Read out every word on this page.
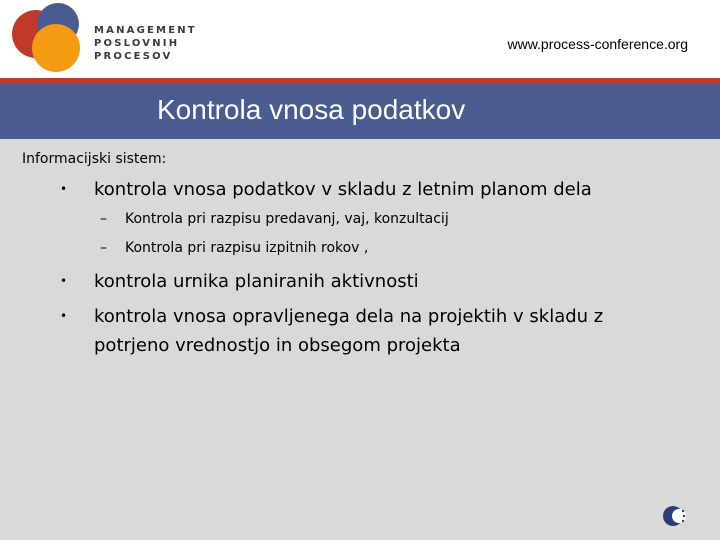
MANAGEMENT
POSLOVNIH
PROCESOV
www.process-conference.org
Kontrola vnosa podatkov
Informacijski sistem:
•	kontrola vnosa podatkov v skladu z letnim planom dela
– Kontrola pri razpisu predavanj, vaj, konzultacij
– Kontrola pri razpisu izpitnih rokov ,
•	kontrola urnika planiranih aktivnosti
•	kontrola vnosa opravljenega dela na projektih v skladu z potrjeno vrednostjo in obsegom projekta
